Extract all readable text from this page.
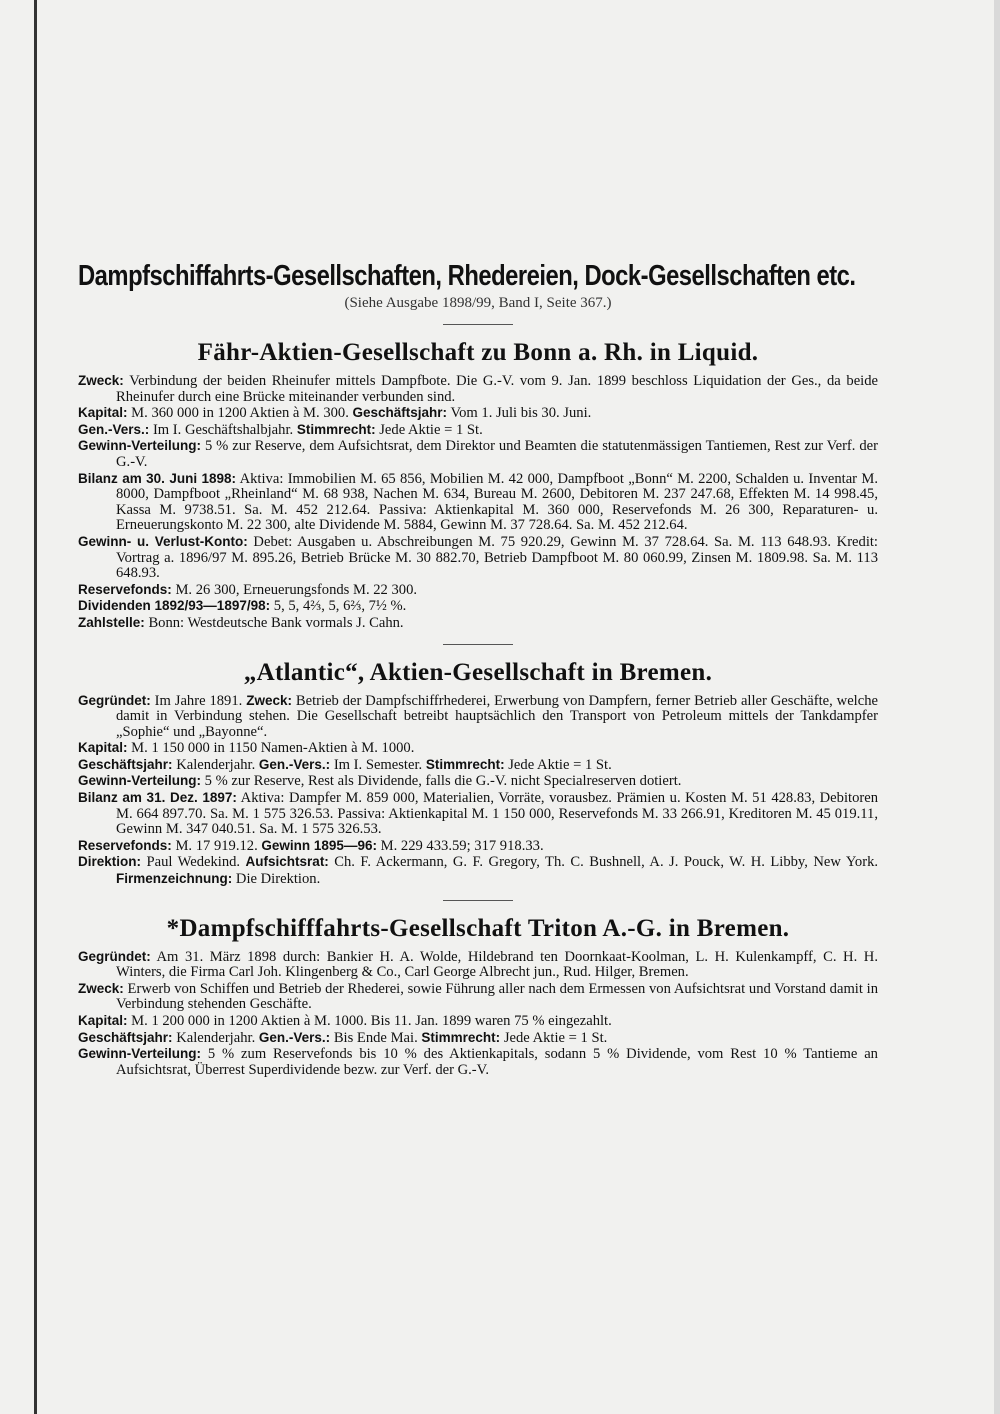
Dampfschiffahrts-Gesellschaften, Rhedereien, Dock-Gesellschaften etc.
(Siehe Ausgabe 1898/99, Band I, Seite 367.)
Fähr-Aktien-Gesellschaft zu Bonn a. Rh. in Liquid.

Zweck: Verbindung der beiden Rheinufer mittels Dampfbote. Die G.-V. vom 9. Jan. 1899 beschloss Liquidation der Ges., da beide Rheinufer durch eine Brücke miteinander verbunden sind.

Kapital: M. 360 000 in 1200 Aktien à M. 300. Geschäftsjahr: Vom 1. Juli bis 30. Juni.

Gen.-Vers.: Im I. Geschäftshalbjahr. Stimmrecht: Jede Aktie = 1 St.

Gewinn-Verteilung: 5 % zur Reserve, dem Aufsichtsrat, dem Direktor und Beamten die statutenmässigen Tantiemen, Rest zur Verf. der G.-V.

Bilanz am 30. Juni 1898: Aktiva: Immobilien M. 65 856, Mobilien M. 42 000, Dampfboot „Bonn“ M. 2200, Schalden u. Inventar M. 8000, Dampfboot „Rheinland“ M. 68 938, Nachen M. 634, Bureau M. 2600, Debitoren M. 237 247.68, Effekten M. 14 998.45, Kassa M. 9738.51. Sa. M. 452 212.64. Passiva: Aktienkapital M. 360 000, Reservefonds M. 26 300, Reparaturen- u. Erneuerungskonto M. 22 300, alte Dividende M. 5884, Gewinn M. 37 728.64. Sa. M. 452 212.64.

Gewinn- u. Verlust-Konto: Debet: Ausgaben u. Abschreibungen M. 75 920.29, Gewinn M. 37 728.64. Sa. M. 113 648.93. Kredit: Vortrag a. 1896/97 M. 895.26, Betrieb Brücke M. 30 882.70, Betrieb Dampfboot M. 80 060.99, Zinsen M. 1809.98. Sa. M. 113 648.93.

Reservefonds: M. 26 300, Erneuerungsfonds M. 22 300.

Dividenden 1892/93—1897/98: 5, 5, 4⅔, 5, 6⅔, 7½ %.

Zahlstelle: Bonn: Westdeutsche Bank vormals J. Cahn.

„Atlantic“, Aktien-Gesellschaft in Bremen.

Gegründet: Im Jahre 1891. Zweck: Betrieb der Dampfschiffrhederei, Erwerbung von Dampfern, ferner Betrieb aller Geschäfte, welche damit in Verbindung stehen. Die Gesellschaft betreibt hauptsächlich den Transport von Petroleum mittels der Tankdampfer „Sophie“ und „Bayonne“.

Kapital: M. 1 150 000 in 1150 Namen-Aktien à M. 1000.

Geschäftsjahr: Kalenderjahr. Gen.-Vers.: Im I. Semester. Stimmrecht: Jede Aktie = 1 St.

Gewinn-Verteilung: 5 % zur Reserve, Rest als Dividende, falls die G.-V. nicht Specialreserven dotiert.

Bilanz am 31. Dez. 1897: Aktiva: Dampfer M. 859 000, Materialien, Vorräte, vorausbez. Prämien u. Kosten M. 51 428.83, Debitoren M. 664 897.70. Sa. M. 1 575 326.53. Passiva: Aktienkapital M. 1 150 000, Reservefonds M. 33 266.91, Kreditoren M. 45 019.11, Gewinn M. 347 040.51. Sa. M. 1 575 326.53.

Reservefonds: M. 17 919.12. Gewinn 1895—96: M. 229 433.59; 317 918.33.

Direktion: Paul Wedekind. Aufsichtsrat: Ch. F. Ackermann, G. F. Gregory, Th. C. Bushnell, A. J. Pouck, W. H. Libby, New York. Firmenzeichnung: Die Direktion.

*Dampfschifffahrts-Gesellschaft Triton A.-G. in Bremen.

Gegründet: Am 31. März 1898 durch: Bankier H. A. Wolde, Hildebrand ten Doornkaat-Koolman, L. H. Kulenkampff, C. H. H. Winters, die Firma Carl Joh. Klingenberg & Co., Carl George Albrecht jun., Rud. Hilger, Bremen.

Zweck: Erwerb von Schiffen und Betrieb der Rhederei, sowie Führung aller nach dem Ermessen von Aufsichtsrat und Vorstand damit in Verbindung stehenden Geschäfte.

Kapital: M. 1 200 000 in 1200 Aktien à M. 1000. Bis 11. Jan. 1899 waren 75 % eingezahlt.

Geschäftsjahr: Kalenderjahr. Gen.-Vers.: Bis Ende Mai. Stimmrecht: Jede Aktie = 1 St.

Gewinn-Verteilung: 5 % zum Reservefonds bis 10 % des Aktienkapitals, sodann 5 % Dividende, vom Rest 10 % Tantieme an Aufsichtsrat, Überrest Superdividende bezw. zur Verf. der G.-V.
